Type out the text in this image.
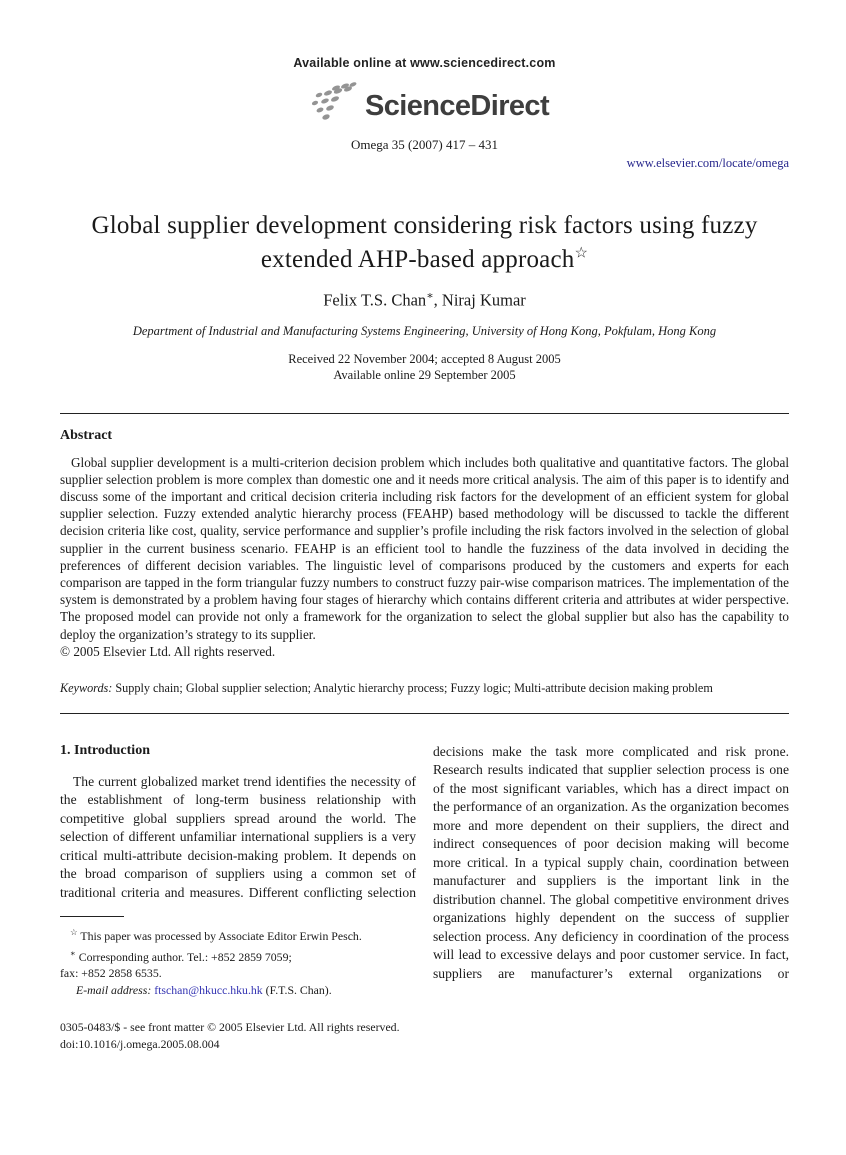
Available online at www.sciencedirect.com
ScienceDirect
Omega 35 (2007) 417 – 431
www.elsevier.com/locate/omega
Global supplier development considering risk factors using fuzzy
extended AHP-based approach☆
Felix T.S. Chan∗, Niraj Kumar
Department of Industrial and Manufacturing Systems Engineering, University of Hong Kong, Pokfulam, Hong Kong
Received 22 November 2004; accepted 8 August 2005
Available online 29 September 2005
Abstract

Global supplier development is a multi-criterion decision problem which includes both qualitative and quantitative factors. The global supplier selection problem is more complex than domestic one and it needs more critical analysis. The aim of this paper is to identify and discuss some of the important and critical decision criteria including risk factors for the development of an efficient system for global supplier selection. Fuzzy extended analytic hierarchy process (FEAHP) based methodology will be discussed to tackle the different decision criteria like cost, quality, service performance and supplier’s profile including the risk factors involved in the selection of global supplier in the current business scenario. FEAHP is an efficient tool to handle the fuzziness of the data involved in deciding the preferences of different decision variables. The linguistic level of comparisons produced by the customers and experts for each comparison are tapped in the form triangular fuzzy numbers to construct fuzzy pair-wise comparison matrices. The implementation of the system is demonstrated by a problem having four stages of hierarchy which contains different criteria and attributes at wider perspective. The proposed model can provide not only a framework for the organization to select the global supplier but also has the capability to deploy the organization’s strategy to its supplier.

© 2005 Elsevier Ltd. All rights reserved.

Keywords: Supply chain; Global supplier selection; Analytic hierarchy process; Fuzzy logic; Multi-attribute decision making problem

1. Introduction

The current globalized market trend identifies the necessity of the establishment of long-term business relationship with competitive global suppliers spread around the world. The selection of different unfamiliar international suppliers is a very critical multi-attribute decision-making problem. It depends on the broad comparison of suppliers using a common set of traditional criteria and measures. Different conflicting selection

☆ This paper was processed by Associate Editor Erwin Pesch.

∗ Corresponding author. Tel.: +852 2859 7059;

fax: +852 2858 6535.

E-mail address: ftschan@hkucc.hku.hk (F.T.S. Chan).

decisions make the task more complicated and risk prone. Research results indicated that supplier selection process is one of the most significant variables, which has a direct impact on the performance of an organization. As the organization becomes more and more dependent on their suppliers, the direct and indirect consequences of poor decision making will become more critical. In a typical supply chain, coordination between manufacturer and suppliers is the important link in the distribution channel. The global competitive environment drives organizations highly dependent on the success of supplier selection process. Any deficiency in coordination of the process will lead to excessive delays and poor customer service. In fact, suppliers are manufacturer’s external organizations or

0305-0483/$ - see front matter © 2005 Elsevier Ltd. All rights reserved.
doi:10.1016/j.omega.2005.08.004
